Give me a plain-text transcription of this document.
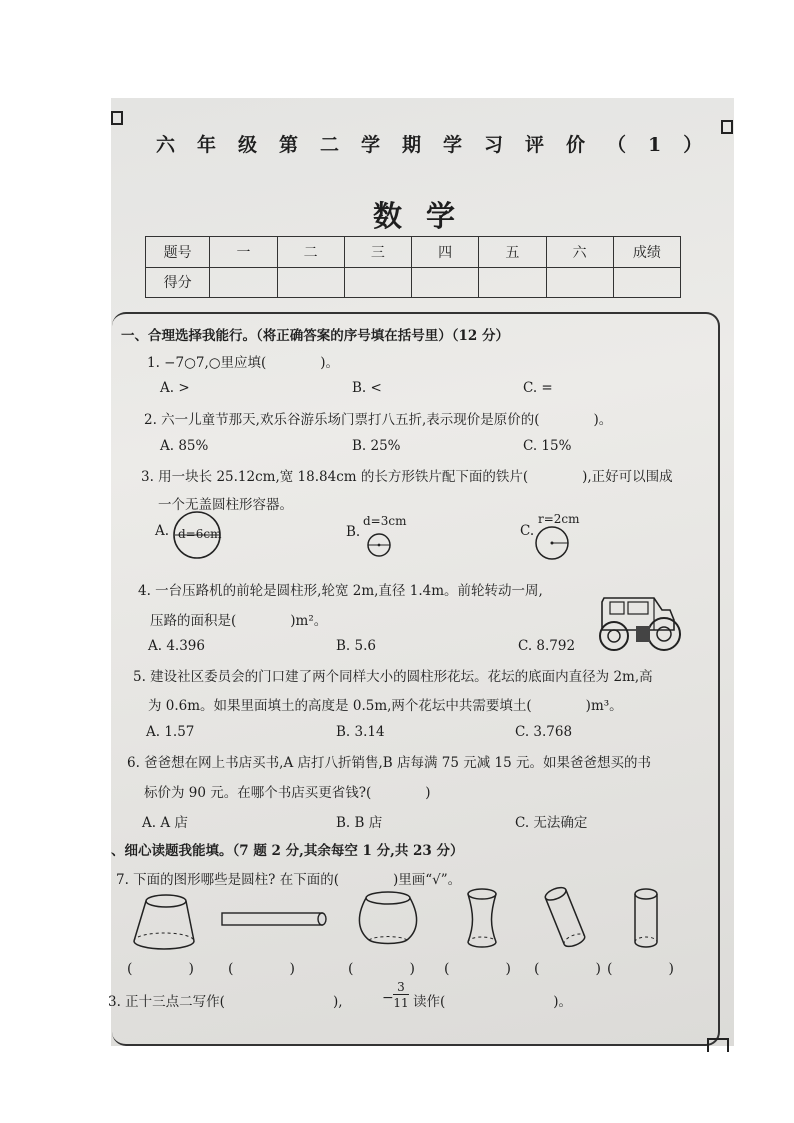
六年级第二学期学习评价（1）
数学
题号	一	二	三	四	五	六	成绩
得分							
一、合理选择我能行。（将正确答案的序号填在括号里）（12 分）
1. −7○7,○里应填(　　　　)。
A. >	B. <	C. =
2. 六一儿童节那天,欢乐谷游乐场门票打八五折,表示现价是原价的(　　　　)。
A. 85%	B. 25%	C. 15%
3. 用一块长 25.12cm,宽 18.84cm 的长方形铁片配下面的铁片(　　　　),正好可以围成
一个无盖圆柱形容器。
A. d=6cm	B.
d=3cm
C.
r=2cm
4. 一台压路机的前轮是圆柱形,轮宽 2m,直径 1.4m。前轮转动一周,
压路的面积是(　　　　)m²。
A. 4.396	B. 5.6	C. 8.792
5. 建设社区委员会的门口建了两个同样大小的圆柱形花坛。花坛的底面内直径为 2m,高
为 0.6m。如果里面填土的高度是 0.5m,两个花坛中共需要填土(　　　　)m³。
A. 1.57	B. 3.14	C. 3.768
6. 爸爸想在网上书店买书,A 店打八折销售,B 店每满 75 元减 15 元。如果爸爸想买的书
标价为 90 元。在哪个书店买更省钱?(　　　　)
A. A 店	B. B 店	C. 无法确定
、细心读题我能填。（7 题 2 分,其余每空 1 分,共 23 分）
7. 下面的图形哪些是圆柱? 在下面的(　　　　)里画“√”。
(　　　　) (　　　　)	(　　　　) (　　　　) (　　　　) (　　　　)
3. 正十三点二写作(　　　　　　　　),	−
3
11 读作(　　　　　　　　)。
